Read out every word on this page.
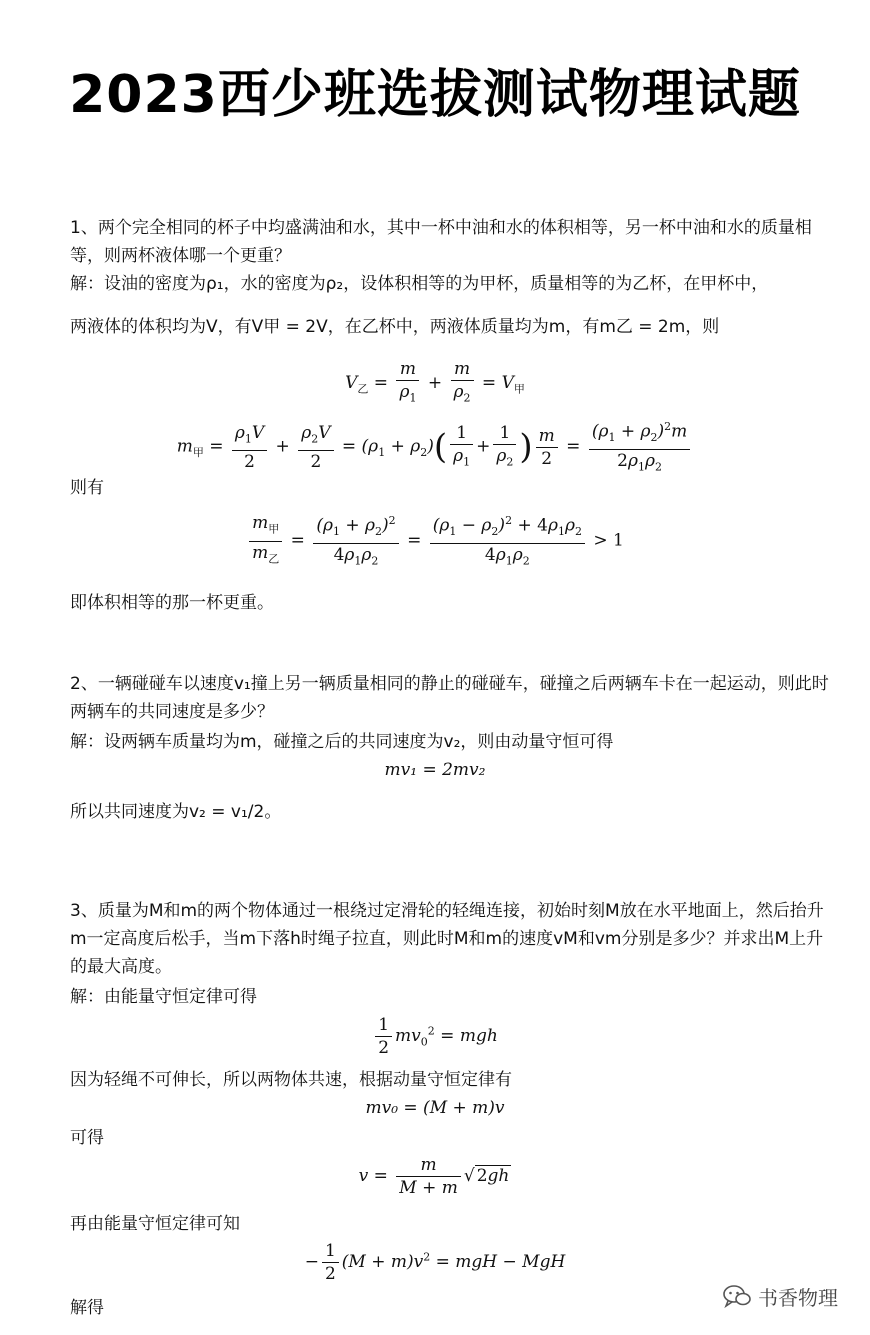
2023西少班选拔测试物理试题
1、两个完全相同的杯子中均盛满油和水，其中一杯中油和水的体积相等，另一杯中油和水的质量相等，则两杯液体哪一个更重？
解：设油的密度为ρ₁，水的密度为ρ₂，设体积相等的为甲杯，质量相等的为乙杯，在甲杯中，
两液体的体积均为V，有V甲 = 2V，在乙杯中，两液体质量均为m，有m乙 = 2m，则
$V_乙 = \frac{m}{\rho_1} + \frac{m}{\rho_2} = V_甲$
$m_甲 = \frac{\rho_1V}{2} + \frac{\rho_2V}{2} = (\rho_1 + \rho_2)( \frac{1}{\rho_1} + \frac{1}{\rho_2}$ ) $\frac{m}{2} = \frac{(\rho_1 + \rho_2)^2m}{2\rho_1\rho_2}$
则有
$\frac{m_甲}{m_乙} = \frac{(\rho_1 + \rho_2)^2}{4\rho_1\rho_2} = \frac{(\rho_1 - \rho_2)^2 + 4\rho_1\rho_2}{4\rho_1\rho_2} > 1$
即体积相等的那一杯更重。
2、一辆碰碰车以速度v₁撞上另一辆质量相同的静止的碰碰车，碰撞之后两辆车卡在一起运动，则此时两辆车的共同速度是多少？
解：设两辆车质量均为m，碰撞之后的共同速度为v₂，则由动量守恒可得
mv₁ = 2mv₂
所以共同速度为v₂ = v₁/2。
3、质量为M和m的两个物体通过一根绕过定滑轮的轻绳连接，初始时刻M放在水平地面上，然后抬升m一定高度后松手，当m下落h时绳子拉直，则此时M和m的速度vM和vm分别是多少？并求出M上升的最大高度。
解：由能量守恒定律可得
$\frac{1}{2} mv_0^2$ = mgh
因为轻绳不可伸长，所以两物体共速，根据动量守恒定律有
mv₀ = (M + m)v
可得
$v = \frac{m}{M + m}$ √ 2gh
再由能量守恒定律可知
− $\frac{1}{2} (M + m)v^2$ = mgH − MgH
解得	书香物理
